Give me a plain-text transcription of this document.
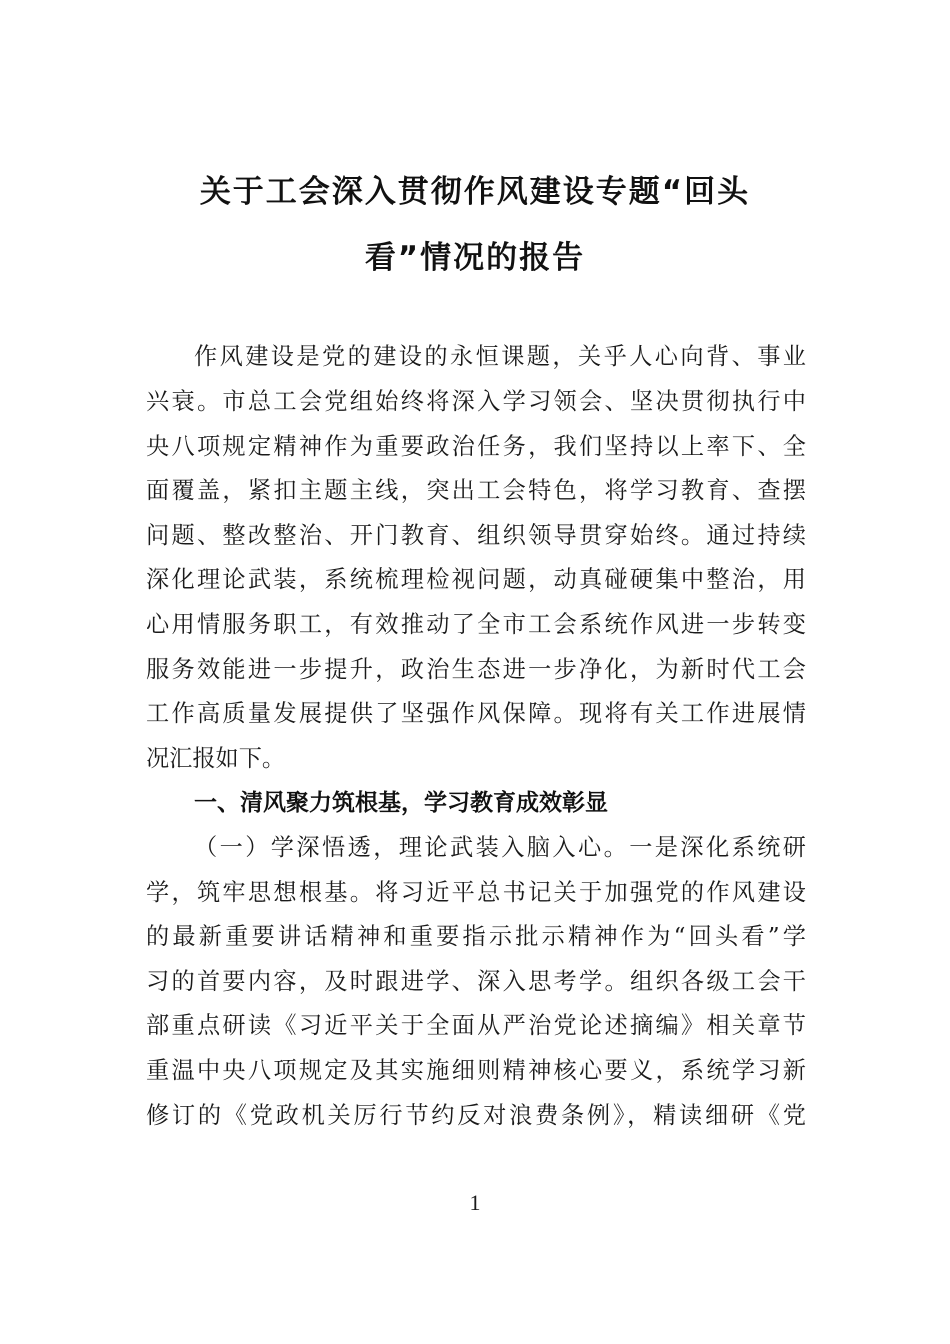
关于工会深入贯彻作风建设专题“回头
看”情况的报告
作风建设是党的建设的永恒课题，关乎人心向背、事业
兴衰。市总工会党组始终将深入学习领会、坚决贯彻执行中
央八项规定精神作为重要政治任务，我们坚持以上率下、全
面覆盖，紧扣主题主线，突出工会特色，将学习教育、查摆
问题、整改整治、开门教育、组织领导贯穿始终。通过持续
深化理论武装，系统梳理检视问题，动真碰硬集中整治，用
心用情服务职工，有效推动了全市工会系统作风进一步转变
服务效能进一步提升，政治生态进一步净化，为新时代工会
工作高质量发展提供了坚强作风保障。现将有关工作进展情
况汇报如下。
一、清风聚力筑根基，学习教育成效彰显
（一）学深悟透，理论武装入脑入心。一是深化系统研
学，筑牢思想根基。将习近平总书记关于加强党的作风建设
的最新重要讲话精神和重要指示批示精神作为“回头看”学
习的首要内容，及时跟进学、深入思考学。组织各级工会干
部重点研读《习近平关于全面从严治党论述摘编》相关章节
重温中央八项规定及其实施细则精神核心要义，系统学习新
修订的《党政机关厉行节约反对浪费条例》，精读细研《党
1
